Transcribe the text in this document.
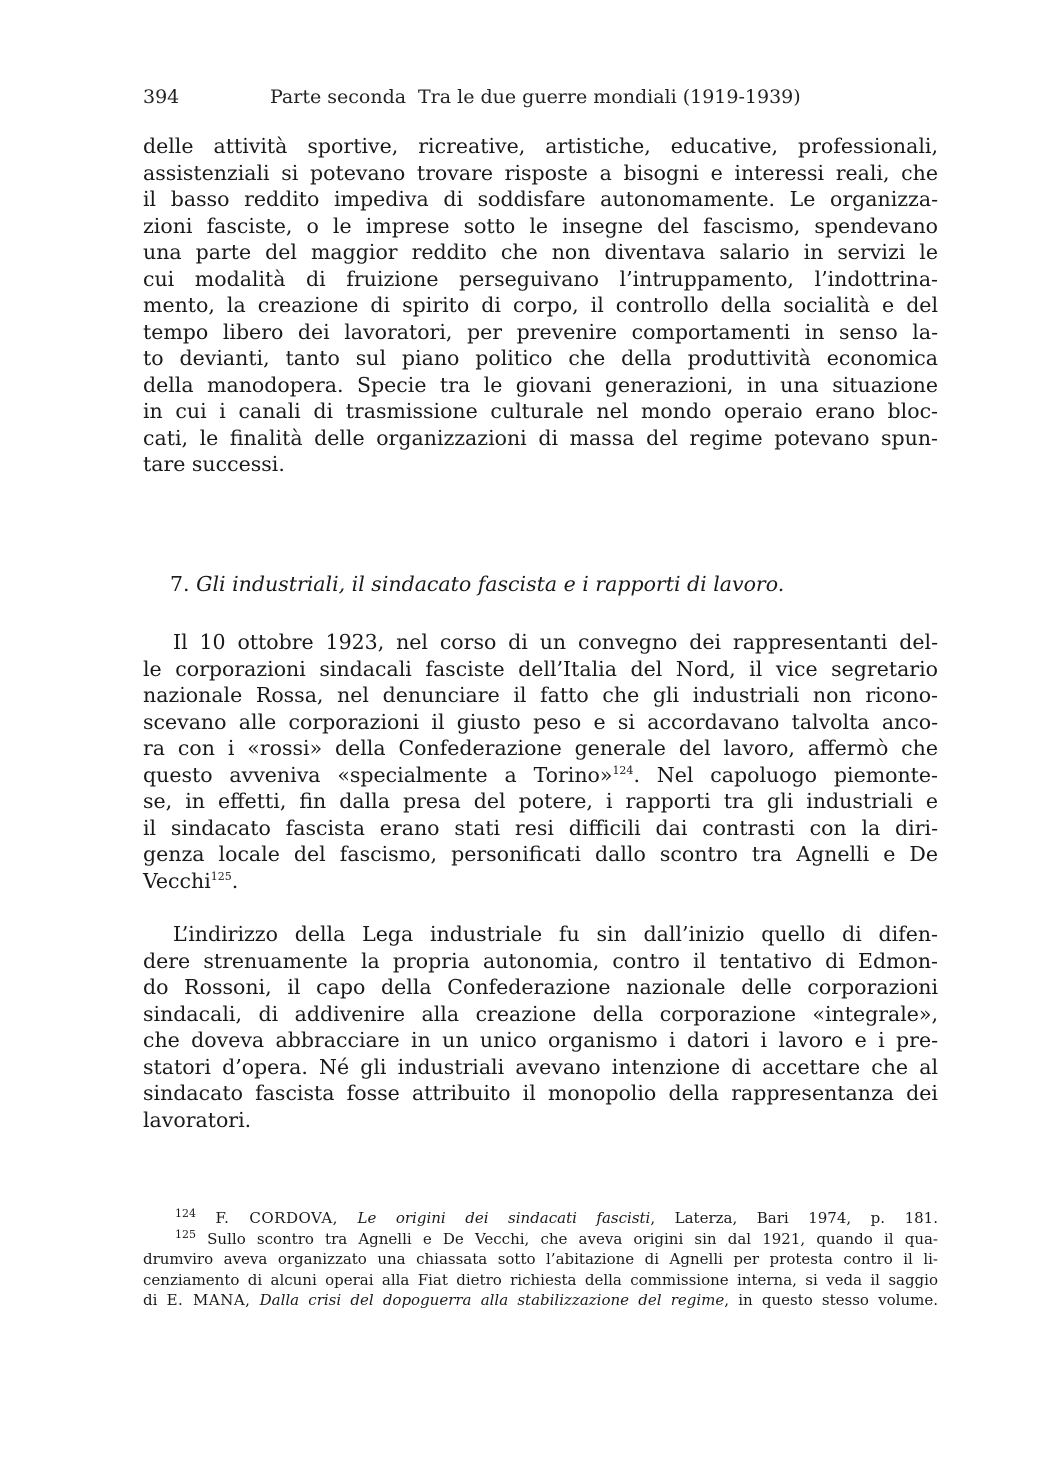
394	Parte seconda Tra le due guerre mondiali (1919-1939)
delle attività sportive, ricreative, artistiche, educative, professionali,
assistenziali si potevano trovare risposte a bisogni e interessi reali, che
il basso reddito impediva di soddisfare autonomamente. Le organizza-
zioni fasciste, o le imprese sotto le insegne del fascismo, spendevano
una parte del maggior reddito che non diventava salario in servizi le
cui modalità di fruizione perseguivano l’intruppamento, l’indottrina-
mento, la creazione di spirito di corpo, il controllo della socialità e del
tempo libero dei lavoratori, per prevenire comportamenti in senso la-
to devianti, tanto sul piano politico che della produttività economica
della manodopera. Specie tra le giovani generazioni, in una situazione
in cui i canali di trasmissione culturale nel mondo operaio erano bloc-
cati, le finalità delle organizzazioni di massa del regime potevano spun-
tare successi.
7. Gli industriali, il sindacato fascista e i rapporti di lavoro.
Il 10 ottobre 1923, nel corso di un convegno dei rappresentanti del-
le corporazioni sindacali fasciste dell’Italia del Nord, il vice segretario
nazionale Rossa, nel denunciare il fatto che gli industriali non ricono-
scevano alle corporazioni il giusto peso e si accordavano talvolta anco-
ra con i «rossi» della Confederazione generale del lavoro, affermò che
questo avveniva «specialmente a Torino»$^{124}$. Nel capoluogo piemonte-
se, in effetti, fin dalla presa del potere, i rapporti tra gli industriali e
il sindacato fascista erano stati resi difficili dai contrasti con la diri-
genza locale del fascismo, personificati dallo scontro tra Agnelli e De
Vecchi$^{125}$.
L’indirizzo della Lega industriale fu sin dall’inizio quello di difen-
dere strenuamente la propria autonomia, contro il tentativo di Edmon-
do Rossoni, il capo della Confederazione nazionale delle corporazioni
sindacali, di addivenire alla creazione della corporazione «integrale»,
che doveva abbracciare in un unico organismo i datori i lavoro e i pre-
statori d’opera. Né gli industriali avevano intenzione di accettare che al
sindacato fascista fosse attribuito il monopolio della rappresentanza dei
lavoratori.
$^{124}$ F. CORDOVA, Le origini dei sindacati fascisti, Laterza, Bari 1974, p. 181.
$^{125}$ Sullo scontro tra Agnelli e De Vecchi, che aveva origini sin dal 1921, quando il qua-
drumviro aveva organizzato una chiassata sotto l’abitazione di Agnelli per protesta contro il li-
cenziamento di alcuni operai alla Fiat dietro richiesta della commissione interna, si veda il saggio
di E. MANA, Dalla crisi del dopoguerra alla stabilizzazione del regime, in questo stesso volume.
